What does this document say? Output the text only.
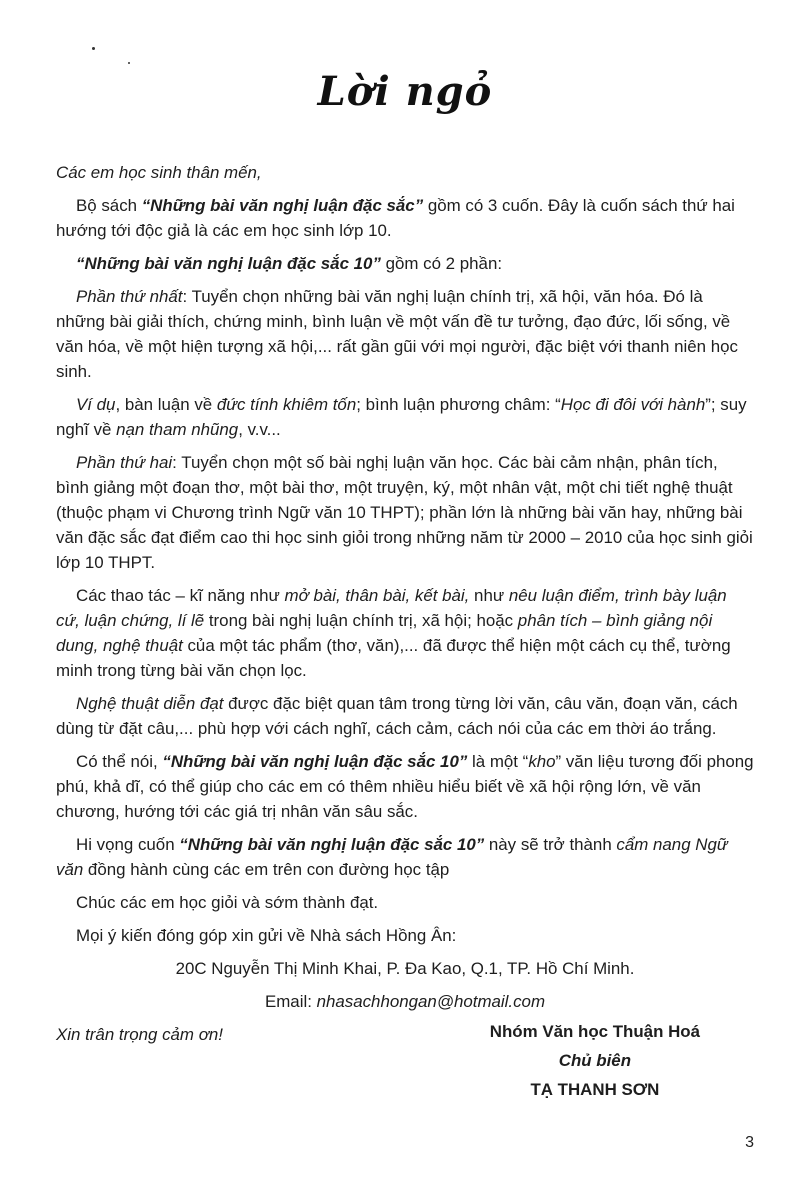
Lời ngỏ

Các em học sinh thân mến,

Bộ sách “Những bài văn nghị luận đặc sắc” gồm có 3 cuốn. Đây là cuốn sách thứ hai hướng tới độc giả là các em học sinh lớp 10.

“Những bài văn nghị luận đặc sắc 10” gồm có 2 phần:

Phần thứ nhất: Tuyển chọn những bài văn nghị luận chính trị, xã hội, văn hóa. Đó là những bài giải thích, chứng minh, bình luận về một vấn đề tư tưởng, đạo đức, lối sống, về văn hóa, về một hiện tượng xã hội,... rất gần gũi với mọi người, đặc biệt với thanh niên học sinh.

Ví dụ, bàn luận về đức tính khiêm tốn; bình luận phương châm: “Học đi đôi với hành”; suy nghĩ về nạn tham nhũng, v.v...

Phần thứ hai: Tuyển chọn một số bài nghị luận văn học. Các bài cảm nhận, phân tích, bình giảng một đoạn thơ, một bài thơ, một truyện, ký, một nhân vật, một chi tiết nghệ thuật (thuộc phạm vi Chương trình Ngữ văn 10 THPT); phần lớn là những bài văn hay, những bài văn đặc sắc đạt điểm cao thi học sinh giỏi trong những năm từ 2000 – 2010 của học sinh giỏi lớp 10 THPT.

Các thao tác – kĩ năng như mở bài, thân bài, kết bài, như nêu luận điểm, trình bày luận cứ, luận chứng, lí lẽ trong bài nghị luận chính trị, xã hội; hoặc phân tích – bình giảng nội dung, nghệ thuật của một tác phẩm (thơ, văn),... đã được thể hiện một cách cụ thể, tường minh trong từng bài văn chọn lọc.

Nghệ thuật diễn đạt được đặc biệt quan tâm trong từng lời văn, câu văn, đoạn văn, cách dùng từ đặt câu,... phù hợp với cách nghĩ, cách cảm, cách nói của các em thời áo trắng.

Có thể nói, “Những bài văn nghị luận đặc sắc 10” là một “kho” văn liệu tương đối phong phú, khả dĩ, có thể giúp cho các em có thêm nhiều hiểu biết về xã hội rộng lớn, về văn chương, hướng tới các giá trị nhân văn sâu sắc.

Hi vọng cuốn “Những bài văn nghị luận đặc sắc 10” này sẽ trở thành cẩm nang Ngữ văn đồng hành cùng các em trên con đường học tập

Chúc các em học giỏi và sớm thành đạt.

Mọi ý kiến đóng góp xin gửi về Nhà sách Hồng Ân:

20C Nguyễn Thị Minh Khai, P. Đa Kao, Q.1, TP. Hồ Chí Minh.

Email: nhasachhongan@hotmail.com

Xin trân trọng cảm ơn!	Nhóm Văn học Thuận Hoá
Chủ biên
TẠ THANH SƠN
3
